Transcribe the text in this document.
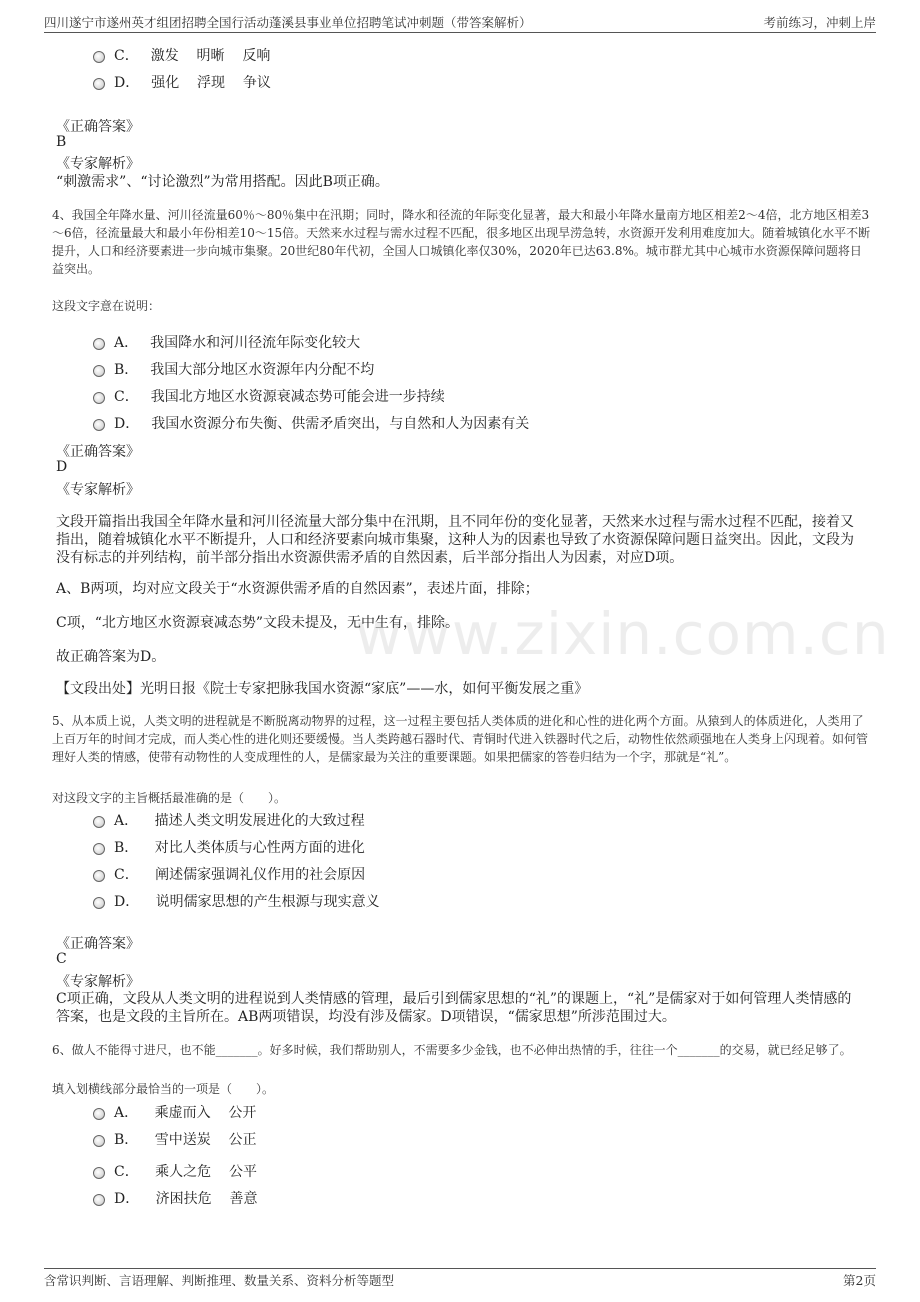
四川遂宁市遂州英才组团招聘全国行活动蓬溪县事业单位招聘笔试冲刺题（带答案解析）	考前练习，冲刺上岸
www.zixin.com.cn
C． 激发    明晰    反响
D． 强化    浮现    争议
《正确答案》
B
《专家解析》
“刺激需求”、“讨论激烈”为常用搭配。因此B项正确。
4、我国全年降水量、河川径流量60％～80％集中在汛期；同时，降水和径流的年际变化显著，最大和最小年降水量南方地区相差2～4倍，北方地区相差3～6倍，径流量最大和最小年份相差10～15倍。天然来水过程与需水过程不匹配，很多地区出现旱涝急转，水资源开发利用难度加大。随着城镇化水平不断提升，人口和经济要素进一步向城市集聚。20世纪80年代初，全国人口城镇化率仅30%，2020年已达63.8%。城市群尤其中心城市水资源保障问题将日益突出。
这段文字意在说明：
A． 我国降水和河川径流年际变化较大
B． 我国大部分地区水资源年内分配不均
C． 我国北方地区水资源衰减态势可能会进一步持续
D． 我国水资源分布失衡、供需矛盾突出，与自然和人为因素有关
《正确答案》
D
《专家解析》
文段开篇指出我国全年降水量和河川径流量大部分集中在汛期，且不同年份的变化显著，天然来水过程与需水过程不匹配，接着又指出，随着城镇化水平不断提升，人口和经济要素向城市集聚，这种人为的因素也导致了水资源保障问题日益突出。因此，文段为没有标志的并列结构，前半部分指出水资源供需矛盾的自然因素，后半部分指出人为因素，对应D项。
A、B两项，均对应文段关于“水资源供需矛盾的自然因素”，表述片面，排除；
C项，“北方地区水资源衰减态势”文段未提及，无中生有，排除。
故正确答案为D。
【文段出处】光明日报《院士专家把脉我国水资源“家底”——水，如何平衡发展之重》
5、从本质上说，人类文明的进程就是不断脱离动物界的过程，这一过程主要包括人类体质的进化和心性的进化两个方面。从猿到人的体质进化，人类用了上百万年的时间才完成，而人类心性的进化则还要缓慢。当人类跨越石器时代、青铜时代进入铁器时代之后，动物性依然顽强地在人类身上闪现着。如何管理好人类的情感，使带有动物性的人变成理性的人，是儒家最为关注的重要课题。如果把儒家的答卷归结为一个字，那就是“礼”。
对这段文字的主旨概括最准确的是（　　）。
A． 描述人类文明发展进化的大致过程
B． 对比人类体质与心性两方面的进化
C． 阐述儒家强调礼仪作用的社会原因
D． 说明儒家思想的产生根源与现实意义
《正确答案》
C
《专家解析》
C项正确，文段从人类文明的进程说到人类情感的管理，最后引到儒家思想的“礼”的课题上，“礼”是儒家对于如何管理人类情感的答案，也是文段的主旨所在。AB两项错误，均没有涉及儒家。D项错误，“儒家思想”所涉范围过大。
6、做人不能得寸进尺，也不能_______。好多时候，我们帮助别人，不需要多少金钱，也不必伸出热情的手，往往一个_______的交易，就已经足够了。
填入划横线部分最恰当的一项是（　　）。
A． 乘虚而入    公开
B． 雪中送炭    公正
C． 乘人之危    公平
D． 济困扶危    善意
含常识判断、言语理解、判断推理、数量关系、资料分析等题型	第2页
